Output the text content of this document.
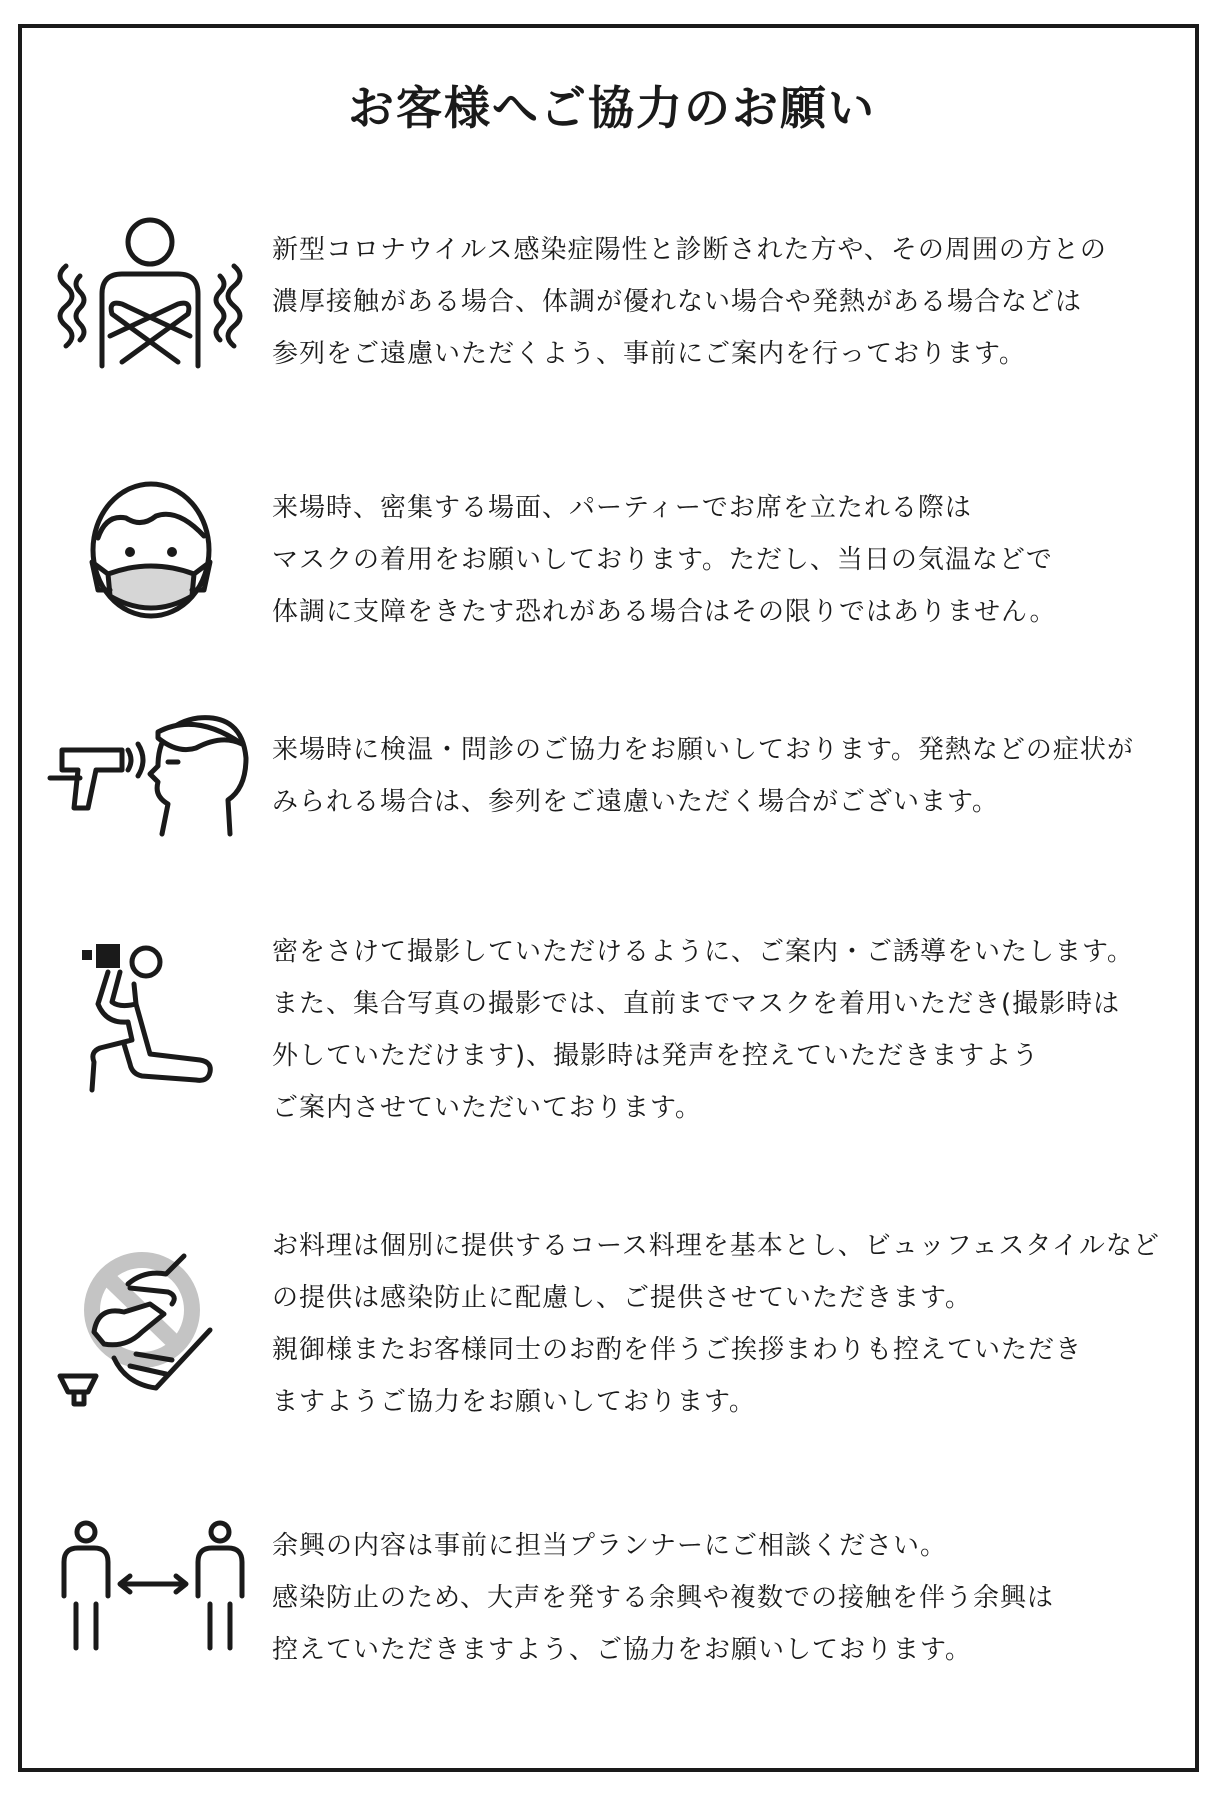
お客様へご協力のお願い
新型コロナウイルス感染症陽性と診断された方や、その周囲の方との
濃厚接触がある場合、体調が優れない場合や発熱がある場合などは
参列をご遠慮いただくよう、事前にご案内を行っております。
来場時、密集する場面、パーティーでお席を立たれる際は
マスクの着用をお願いしております。ただし、当日の気温などで
体調に支障をきたす恐れがある場合はその限りではありません。
来場時に検温・問診のご協力をお願いしております。発熱などの症状が
みられる場合は、参列をご遠慮いただく場合がございます。
密をさけて撮影していただけるように、ご案内・ご誘導をいたします。
また、集合写真の撮影では、直前までマスクを着用いただき(撮影時は
外していただけます)、撮影時は発声を控えていただきますよう
ご案内させていただいております。
お料理は個別に提供するコース料理を基本とし、ビュッフェスタイルなど
の提供は感染防止に配慮し、ご提供させていただきます。
親御様またお客様同士のお酌を伴うご挨拶まわりも控えていただき
ますようご協力をお願いしております。
余興の内容は事前に担当プランナーにご相談ください。
感染防止のため、大声を発する余興や複数での接触を伴う余興は
控えていただきますよう、ご協力をお願いしております。
